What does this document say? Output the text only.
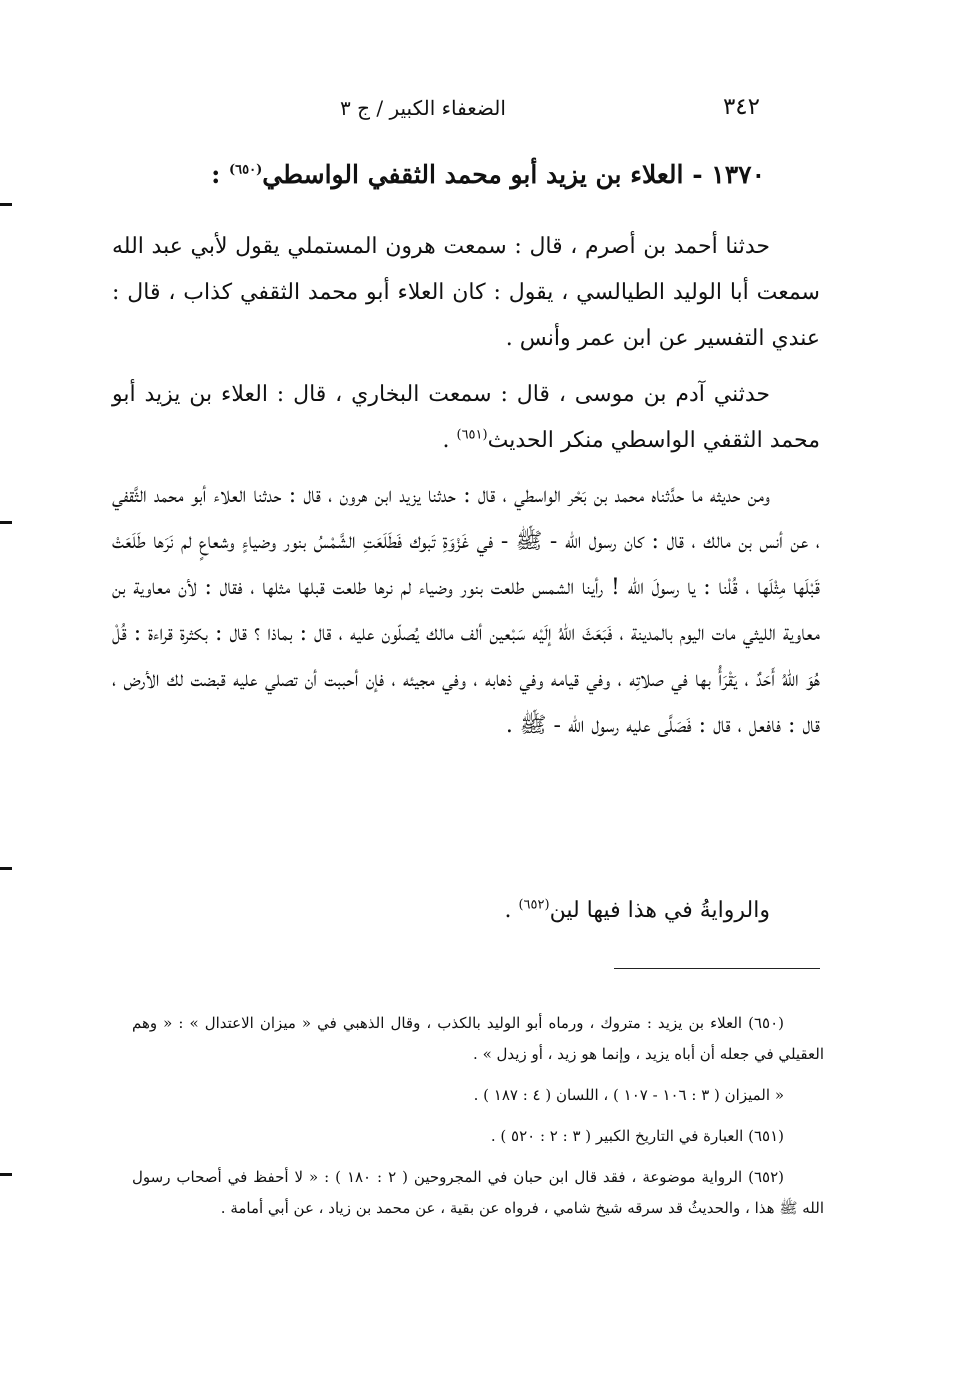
٣٤٢
الضعفاء الكبير / ج ٣
١٣٧٠ - العلاء بن يزيد أبو محمد الثقفي الواسطي$^{(٦٥٠)}$ :

حدثنا أحمد بن أصرم ، قال : سمعت هرون المستملي يقول لأبي عبد الله سمعت أبا الوليد الطيالسي ، يقول : كان العلاء أبو محمد الثقفي كذاب ، قال : عندي التفسير عن ابن عمر وأنس .

حدثني آدم بن موسى ، قال : سمعت البخاري ، قال : العلاء بن يزيد أبو محمد الثقفي الواسطي منكر الحديث$^{(٦٥١)}$ .

ومن حديثه ما حدَّثناه محمد بن بَحْر الواسطي ، قال : حدثنا يزيد ابن هرون ، قال : حدثنا العلاء أبو محمد الثَّقفي ، عن أنس بن مالك ، قال : كان رسول الله - ﷺ - في غَزْوَةِ تَبوك فَطَلَعَتِ الشَّمْسُ بنور وضياءٍ وشعاعٍ لم نَرَها طَلَعَتْ قَبْلَها مِثْلَها ، قُلْنا : يا رسولَ الله ! رأينا الشمس طلعت بنور وضياء لم نرها طلعت قبلها مثلها ، فقال : لأن معاوية بن معاوية الليثي مات اليوم بالمدينة ، فَبَعَثَ اللهُ إلَيْه سَبْعين ألف مالك يُصلّون عليه ، قال : بماذا ؟ قال : بكثرة قراءة : قُلْ هُوَ اللهُ أَحَدٌ ، يَقْرَأُ بها في صلاتِه ، وفي قيامه وفي ذهابه ، وفي مجيئه ، فإن أحببت أن تصلي عليه قبضت لك الأرض ، قال : فافعل ، قال : فَصَلَّى عليه رسول الله - ﷺ .

والروايةُ في هذا فيها لين$^{(٦٥٢)}$ .

(٦٥٠) العلاء بن يزيد : متروك ، ورماه أبو الوليد بالكذب ، وقال الذهبي في « ميزان الاعتدال » : « وهم العقيلي في جعله أن أباه يزيد ، وإنما هو زيد ، أو زيدل » .

« الميزان ( ٣ : ١٠٦ - ١٠٧ ) ، اللسان ( ٤ : ١٨٧ ) .

(٦٥١) العبارة في التاريخ الكبير ( ٣ : ٢ : ٥٢٠ ) .

(٦٥٢) الرواية موضوعة ، فقد قال ابن حبان في المجروحين ( ٢ : ١٨٠ ) : « لا أحفظ في أصحاب رسول الله ﷺ هذا ، والحديثُ قد سرقه شيخ شامي ، فرواه عن بقية ، عن محمد بن زياد ، عن أبي أمامة .
